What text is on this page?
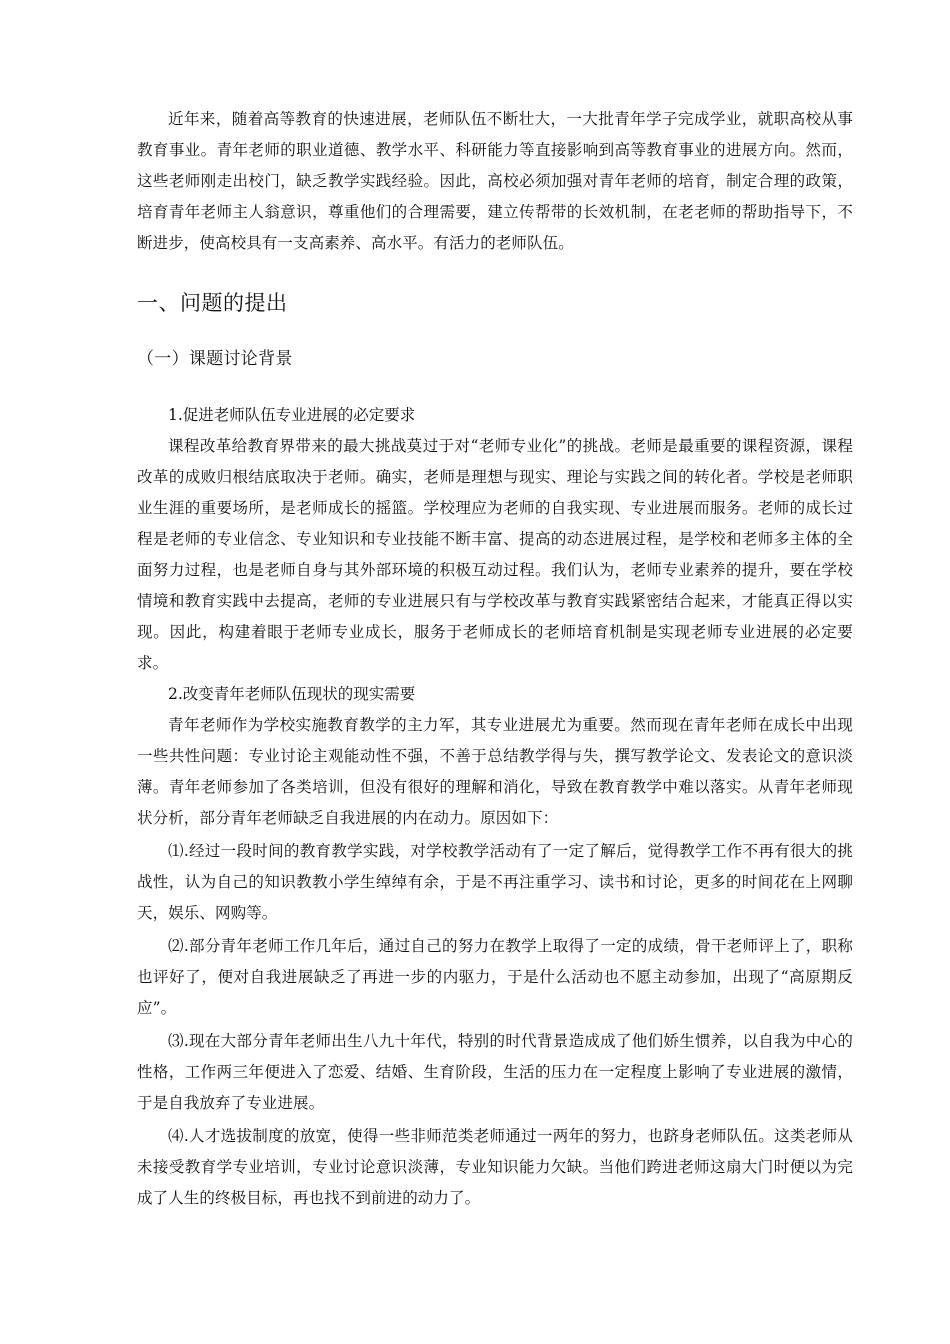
近年来，随着高等教育的快速进展，老师队伍不断壮大，一大批青年学子完成学业，就职高校从事教育事业。青年老师的职业道德、教学水平、科研能力等直接影响到高等教育事业的进展方向。然而，这些老师刚走出校门，缺乏教学实践经验。因此，高校必须加强对青年老师的培育，制定合理的政策，培育青年老师主人翁意识，尊重他们的合理需要，建立传帮带的长效机制，在老老师的帮助指导下，不断进步，使高校具有一支高素养、高水平。有活力的老师队伍。

一、问题的提出
（一）课题讨论背景

1.促进老师队伍专业进展的必定要求

课程改革给教育界带来的最大挑战莫过于对“老师专业化”的挑战。老师是最重要的课程资源，课程改革的成败归根结底取决于老师。确实，老师是理想与现实、理论与实践之间的转化者。学校是老师职业生涯的重要场所，是老师成长的摇篮。学校理应为老师的自我实现、专业进展而服务。老师的成长过程是老师的专业信念、专业知识和专业技能不断丰富、提高的动态进展过程，是学校和老师多主体的全面努力过程，也是老师自身与其外部环境的积极互动过程。我们认为，老师专业素养的提升，要在学校情境和教育实践中去提高，老师的专业进展只有与学校改革与教育实践紧密结合起来，才能真正得以实现。因此，构建着眼于老师专业成长，服务于老师成长的老师培育机制是实现老师专业进展的必定要求。

2.改变青年老师队伍现状的现实需要

青年老师作为学校实施教育教学的主力军，其专业进展尤为重要。然而现在青年老师在成长中出现一些共性问题：专业讨论主观能动性不强，不善于总结教学得与失，撰写教学论文、发表论文的意识淡薄。青年老师参加了各类培训，但没有很好的理解和消化，导致在教育教学中难以落实。从青年老师现状分析，部分青年老师缺乏自我进展的内在动力。原因如下：

⑴.经过一段时间的教育教学实践，对学校教学活动有了一定了解后，觉得教学工作不再有很大的挑战性，认为自己的知识教教小学生绰绰有余，于是不再注重学习、读书和讨论，更多的时间花在上网聊天，娱乐、网购等。

⑵.部分青年老师工作几年后，通过自己的努力在教学上取得了一定的成绩，骨干老师评上了，职称也评好了，便对自我进展缺乏了再进一步的内驱力，于是什么活动也不愿主动参加，出现了“高原期反应”。

⑶.现在大部分青年老师出生八九十年代，特别的时代背景造成成了他们娇生惯养，以自我为中心的性格，工作两三年便进入了恋爱、结婚、生育阶段，生活的压力在一定程度上影响了专业进展的激情，于是自我放弃了专业进展。

⑷.人才选拔制度的放宽，使得一些非师范类老师通过一两年的努力，也跻身老师队伍。这类老师从未接受教育学专业培训，专业讨论意识淡薄，专业知识能力欠缺。当他们跨进老师这扇大门时便以为完成了人生的终极目标，再也找不到前进的动力了。
